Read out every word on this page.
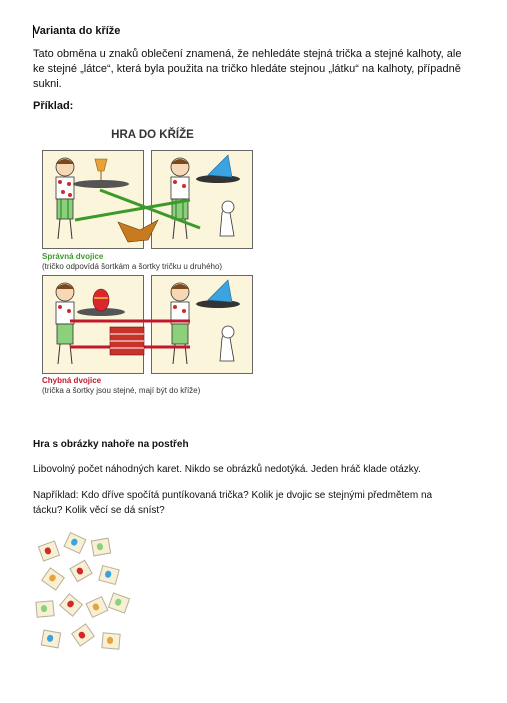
Varianta do kříže
Tato obměna u znaků oblečení znamená, že nehledáte stejná trička a stejné kalhoty, ale ke stejné „látce“, která byla použita na tričko hledáte stejnou „látku“ na kalhoty, případně sukni.
Příklad:
HRA DO KŘÍŽE
Správná dvojice
(tričko odpovídá šortkám a šortky tričku u druhého)
Chybná dvojice
(trička a šortky jsou stejné, mají být do kříže)
Hra s obrázky nahoře na postřeh
Libovolný počet náhodných karet. Nikdo se obrázků nedotýká. Jeden hráč klade otázky.
Například: Kdo dříve spočítá puntíkovaná trička? Kolik je dvojic se stejnými předmětem na tácku? Kolik věcí se dá sníst?
